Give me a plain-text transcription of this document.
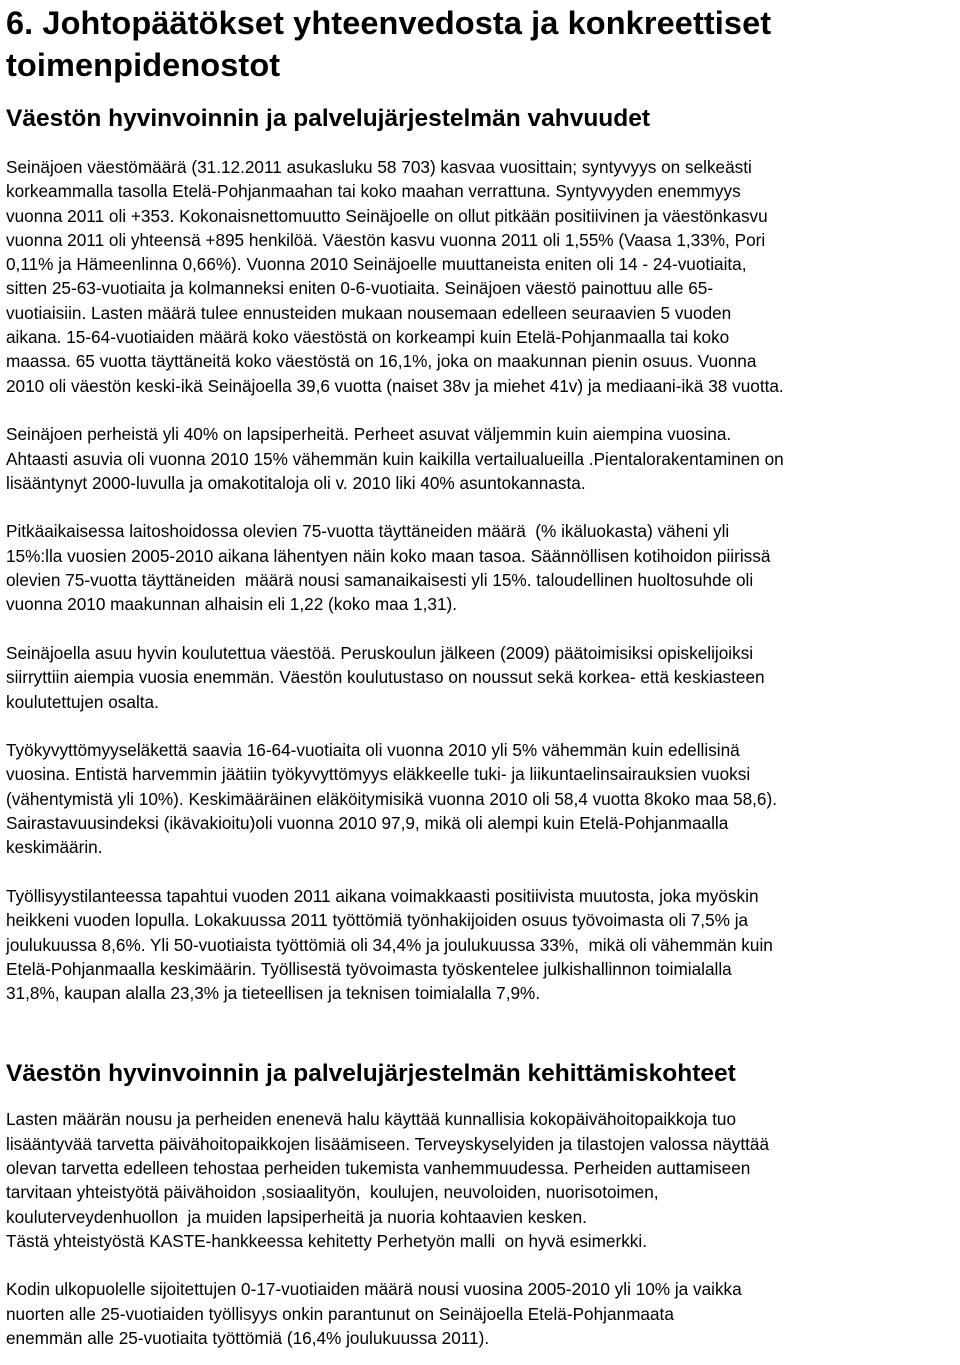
6. Johtopäätökset yhteenvedosta ja konkreettiset
toimenpidenostot
Väestön hyvinvoinnin ja palvelujärjestelmän vahvuudet

Seinäjoen väestömäärä (31.12.2011 asukasluku 58 703) kasvaa vuosittain; syntyvyys on selkeästi
korkeammalla tasolla Etelä-Pohjanmaahan tai koko maahan verrattuna. Syntyvyyden enemmyys
vuonna 2011 oli +353. Kokonaisnettomuutto Seinäjoelle on ollut pitkään positiivinen ja väestönkasvu
vuonna 2011 oli yhteensä +895 henkilöä. Väestön kasvu vuonna 2011 oli 1,55% (Vaasa 1,33%, Pori
0,11% ja Hämeenlinna 0,66%). Vuonna 2010 Seinäjoelle muuttaneista eniten oli 14 - 24-vuotiaita,
sitten 25-63-vuotiaita ja kolmanneksi eniten 0-6-vuotiaita. Seinäjoen väestö painottuu alle 65-
vuotiaisiin. Lasten määrä tulee ennusteiden mukaan nousemaan edelleen seuraavien 5 vuoden
aikana. 15-64-vuotiaiden määrä koko väestöstä on korkeampi kuin Etelä-Pohjanmaalla tai koko
maassa. 65 vuotta täyttäneitä koko väestöstä on 16,1%, joka on maakunnan pienin osuus. Vuonna
2010 oli väestön keski-ikä Seinäjoella 39,6 vuotta (naiset 38v ja miehet 41v) ja mediaani-ikä 38 vuotta.

Seinäjoen perheistä yli 40% on lapsiperheitä. Perheet asuvat väljemmin kuin aiempina vuosina.
Ahtaasti asuvia oli vuonna 2010 15% vähemmän kuin kaikilla vertailualueilla .Pientalorakentaminen on
lisääntynyt 2000-luvulla ja omakotitaloja oli v. 2010 liki 40% asuntokannasta.

Pitkäaikaisessa laitoshoidossa olevien 75-vuotta täyttäneiden määrä  (% ikäluokasta) väheni yli
15%:lla vuosien 2005-2010 aikana lähentyen näin koko maan tasoa. Säännöllisen kotihoidon piirissä
olevien 75-vuotta täyttäneiden  määrä nousi samanaikaisesti yli 15%. taloudellinen huoltosuhde oli
vuonna 2010 maakunnan alhaisin eli 1,22 (koko maa 1,31).

Seinäjoella asuu hyvin koulutettua väestöä. Peruskoulun jälkeen (2009) päätoimisiksi opiskelijoiksi
siirryttiin aiempia vuosia enemmän. Väestön koulutustaso on noussut sekä korkea- että keskiasteen
koulutettujen osalta.

Työkyvyttömyyseläkettä saavia 16-64-vuotiaita oli vuonna 2010 yli 5% vähemmän kuin edellisinä
vuosina. Entistä harvemmin jäätiin työkyvyttömyys eläkkeelle tuki- ja liikuntaelinsairauksien vuoksi
(vähentymistä yli 10%). Keskimääräinen eläköitymisikä vuonna 2010 oli 58,4 vuotta 8koko maa 58,6).
Sairastavuusindeksi (ikävakioitu)oli vuonna 2010 97,9, mikä oli alempi kuin Etelä-Pohjanmaalla
keskimäärin.

Työllisyystilanteessa tapahtui vuoden 2011 aikana voimakkaasti positiivista muutosta, joka myöskin
heikkeni vuoden lopulla. Lokakuussa 2011 työttömiä työnhakijoiden osuus työvoimasta oli 7,5% ja
joulukuussa 8,6%. Yli 50-vuotiaista työttömiä oli 34,4% ja joulukuussa 33%,  mikä oli vähemmän kuin
Etelä-Pohjanmaalla keskimäärin. Työllisestä työvoimasta työskentelee julkishallinnon toimialalla
31,8%, kaupan alalla 23,3% ja tieteellisen ja teknisen toimialalla 7,9%.

Väestön hyvinvoinnin ja palvelujärjestelmän kehittämiskohteet

Lasten määrän nousu ja perheiden enenevä halu käyttää kunnallisia kokopäivähoitopaikkoja tuo
lisääntyvää tarvetta päivähoitopaikkojen lisäämiseen. Terveyskyselyiden ja tilastojen valossa näyttää
olevan tarvetta edelleen tehostaa perheiden tukemista vanhemmuudessa. Perheiden auttamiseen
tarvitaan yhteistyötä päivähoidon ,sosiaalityön,  koulujen, neuvoloiden, nuorisotoimen,
kouluterveydenhuollon  ja muiden lapsiperheitä ja nuoria kohtaavien kesken.
Tästä yhteistyöstä KASTE-hankkeessa kehitetty Perhetyön malli  on hyvä esimerkki.

Kodin ulkopuolelle sijoitettujen 0-17-vuotiaiden määrä nousi vuosina 2005-2010 yli 10% ja vaikka
nuorten alle 25-vuotiaiden työllisyys onkin parantunut on Seinäjoella Etelä-Pohjanmaata
enemmän alle 25-vuotiaita työttömiä (16,4% joulukuussa 2011).
